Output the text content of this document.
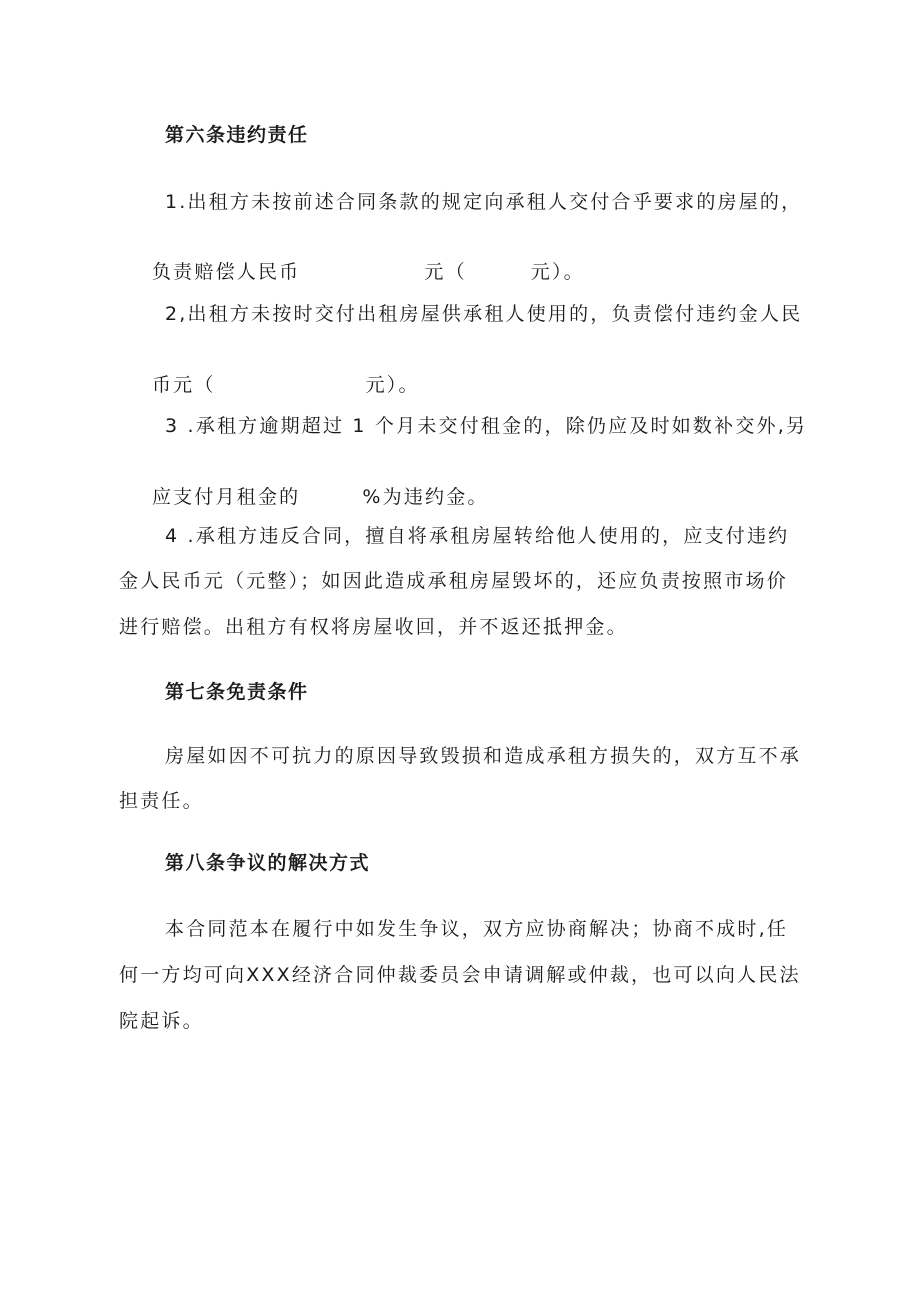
第六条违约责任
1.出租方未按前述合同条款的规定向承租人交付合乎要求的房屋的，

负责赔偿人民币	元（	元）。

2,出租方未按时交付出租房屋供承租人使用的，负责偿付违约金人民

币元（	元）。

3 .承租方逾期超过 1 个月未交付租金的，除仍应及时如数补交外,另

应支付月租金的	%为违约金。

4 .承租方违反合同，擅自将承租房屋转给他人使用的，应支付违约
金人民币元（元整）；如因此造成承租房屋毁坏的，还应负责按照市场价
进行赔偿。出租方有权将房屋收回，并不返还抵押金。
第七条免责条件
房屋如因不可抗力的原因导致毁损和造成承租方损失的，双方互不承
担责任。
第八条争议的解决方式
本合同范本在履行中如发生争议，双方应协商解决；协商不成时,任
何一方均可向XXX经济合同仲裁委员会申请调解或仲裁，也可以向人民法
院起诉。
